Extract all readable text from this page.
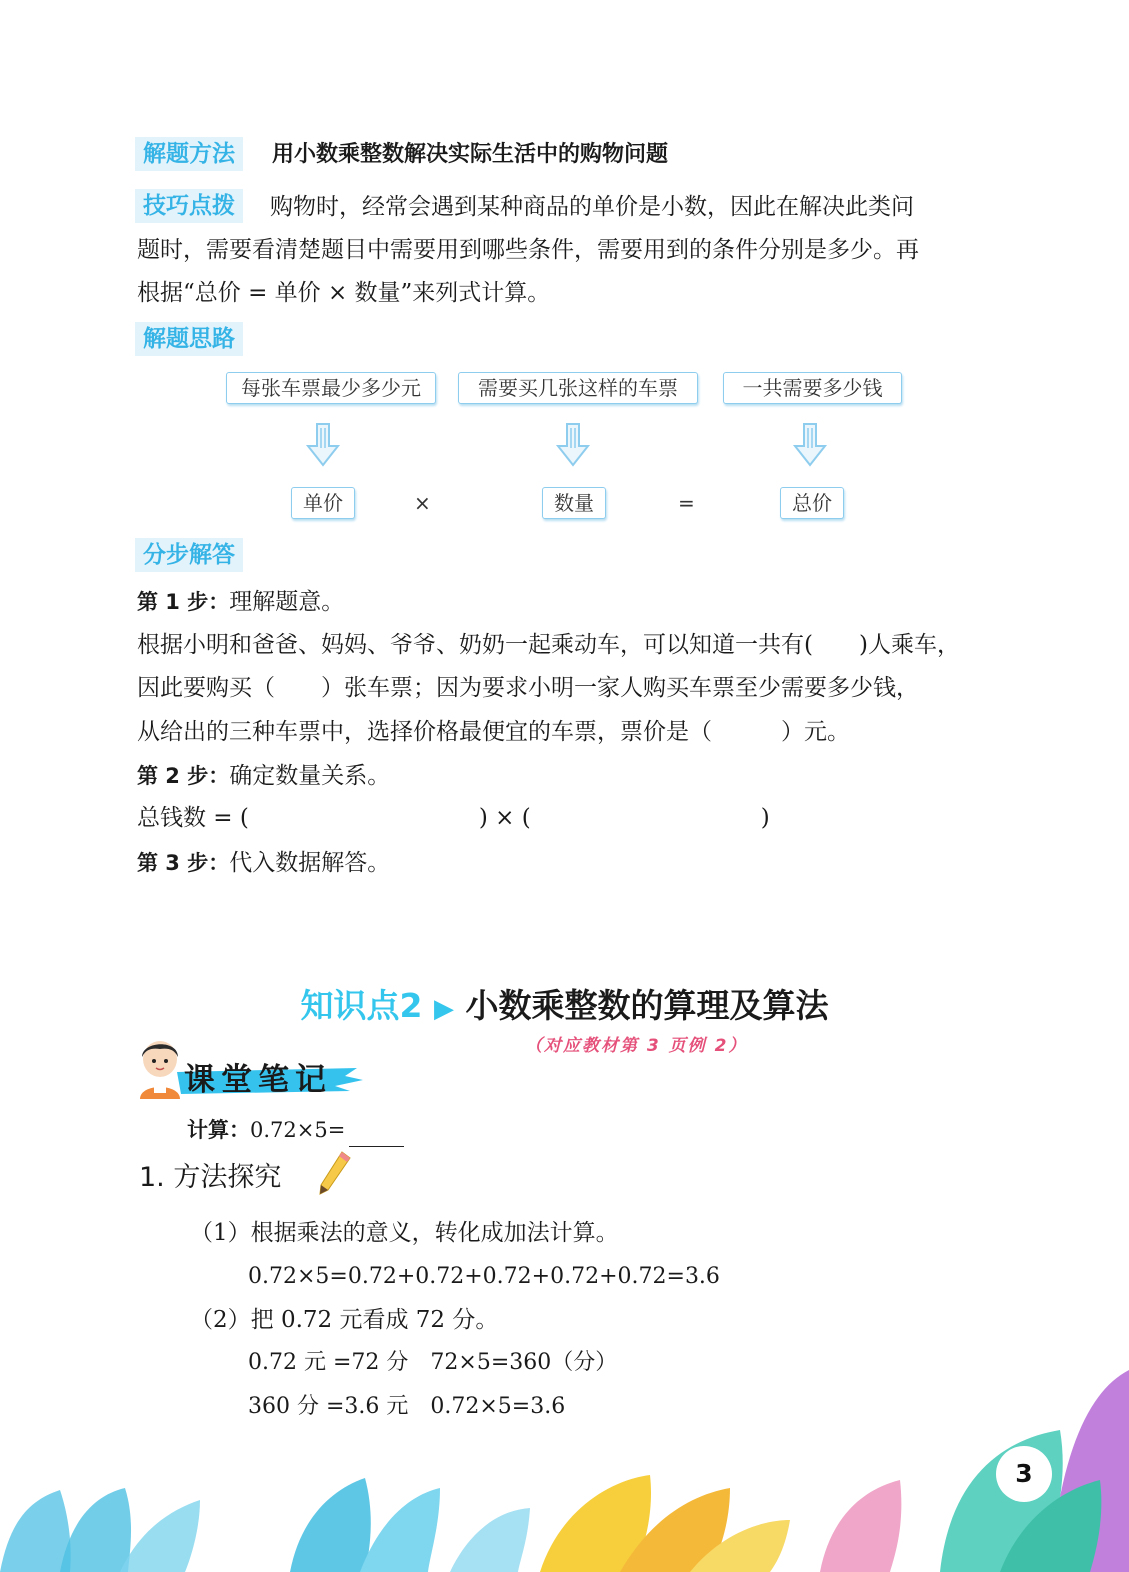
解题方法	用小数乘整数解决实际生活中的购物问题
技巧点拨	购物时，经常会遇到某种商品的单价是小数，因此在解决此类问
题时，需要看清楚题目中需要用到哪些条件，需要用到的条件分别是多少。再
根据“总价 = 单价 × 数量”来列式计算。
解题思路
每张车票最少多少元	需要买几张这样的车票	一共需要多少钱
单价	×	数量	=	总价
分步解答
第 1 步：理解题意。
根据小明和爸爸、妈妈、爷爷、奶奶一起乘动车，可以知道一共有(　　)人乘车，
因此要购买（　　）张车票；因为要求小明一家人购买车票至少需要多少钱，
从给出的三种车票中，选择价格最便宜的车票，票价是（　　　）元。
第 2 步：确定数量关系。
总钱数 = (　　　　　　　　　　) × (　　　　　　　　　　)
第 3 步：代入数据解答。
知识点2 ▶ 小数乘整数的算理及算法
（对应教材第 3 页例 2）
课堂笔记
计算：0.72×5=
1. 方法探究
（1）根据乘法的意义，转化成加法计算。
0.72×5=0.72+0.72+0.72+0.72+0.72=3.6
（2）把 0.72 元看成 72 分。
0.72 元 =72 分　72×5=360（分）
360 分 =3.6 元　0.72×5=3.6
3
